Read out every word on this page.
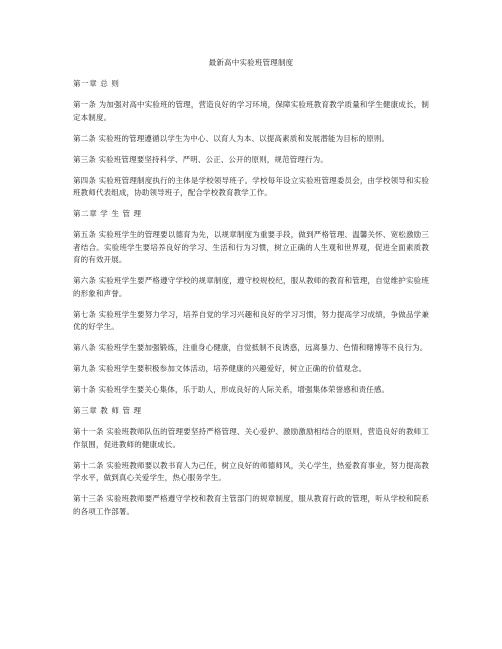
最新高中实验班管理制度
第一章 总 则

第一条 为加强对高中实验班的管理，营造良好的学习环境，保障实验班教育教学质量和学生健康成长，制定本制度。

第二条 实验班的管理遵循以学生为中心、以育人为本、以提高素质和发展潜能为目标的原则。

第三条 实验班管理要坚持科学、严明、公正、公开的原则，规范管理行为。

第四条 实验班管理制度执行的主体是学校领导班子。学校每年设立实验班管理委员会，由学校领导和实验班教师代表组成，协助领导班子，配合学校教育教学工作。

第二章 学 生 管 理

第五条 实验班学生的管理要以德育为先，以规章制度为重要手段，做到严格管理、温馨关怀、宽松激励三者结合。实验班学生要培养良好的学习、生活和行为习惯，树立正确的人生观和世界观，促进全面素质教育的有效开展。

第六条 实验班学生要严格遵守学校的规章制度，遵守校规校纪，服从教师的教育和管理，自觉维护实验班的形象和声誉。

第七条 实验班学生要努力学习，培养自觉的学习兴趣和良好的学习习惯，努力提高学习成绩，争做品学兼优的好学生。

第八条 实验班学生要加强锻炼，注重身心健康，自觉抵制不良诱惑，远离暴力、色情和赌博等不良行为。

第九条 实验班学生要积极参加文体活动，培养健康的兴趣爱好，树立正确的价值观念。

第十条 实验班学生要关心集体，乐于助人，形成良好的人际关系，增强集体荣誉感和责任感。

第三章 教 师 管 理

第十一条 实验班教师队伍的管理要坚持严格管理、关心爱护、激励激励相结合的原则，营造良好的教师工作氛围，促进教师的健康成长。

第十二条 实验班教师要以教书育人为己任，树立良好的师德师风，关心学生，热爱教育事业，努力提高教学水平，做到真心关爱学生，热心服务学生。

第十三条 实验班教师要严格遵守学校和教育主管部门的规章制度，服从教育行政的管理，听从学校和院系的各项工作部署。
